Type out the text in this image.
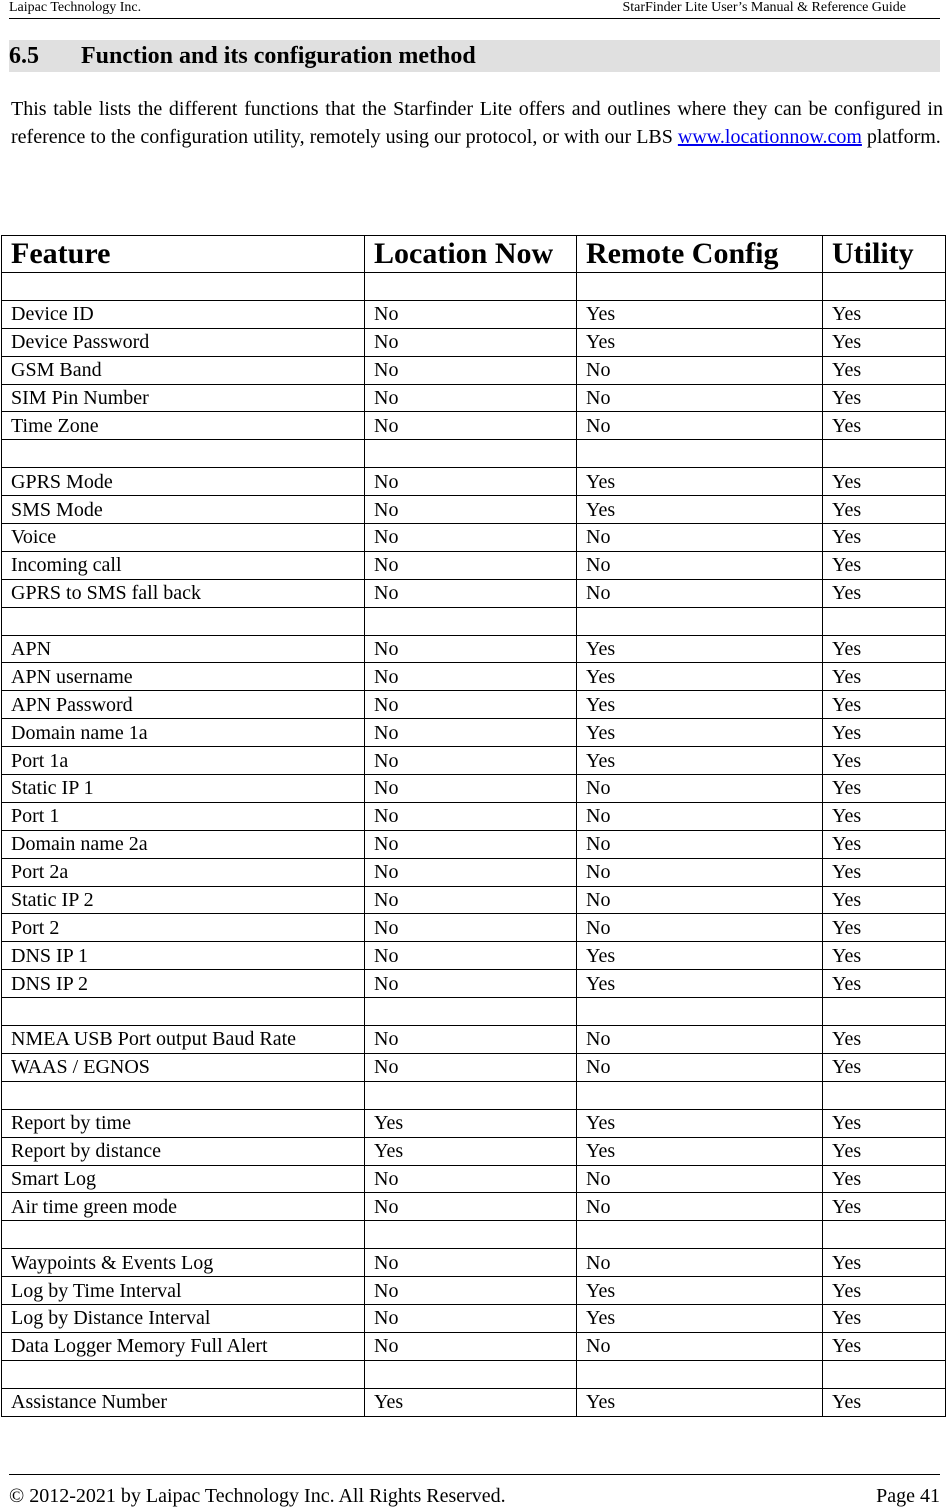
Laipac Technology Inc.	StarFinder Lite User’s Manual & Reference Guide
6.5 Function and its configuration method

This table lists the different functions that the Starfinder Lite offers and outlines where they can be configured in reference to the configuration utility, remotely using our protocol, or with our LBS www.locationnow.com platform.

Feature	Location Now	Remote Config	Utility

Device ID	No	Yes	Yes
Device Password	No	Yes	Yes
GSM Band	No	No	Yes
SIM Pin Number	No	No	Yes
Time Zone	No	No	Yes

GPRS Mode	No	Yes	Yes
SMS Mode	No	Yes	Yes
Voice	No	No	Yes
Incoming call	No	No	Yes
GPRS to SMS fall back	No	No	Yes

APN	No	Yes	Yes
APN username	No	Yes	Yes
APN Password	No	Yes	Yes
Domain name 1a	No	Yes	Yes
Port 1a	No	Yes	Yes
Static IP 1	No	No	Yes
Port 1	No	No	Yes
Domain name 2a	No	No	Yes
Port 2a	No	No	Yes
Static IP 2	No	No	Yes
Port 2	No	No	Yes
DNS IP 1	No	Yes	Yes
DNS IP 2	No	Yes	Yes

NMEA USB Port output Baud Rate	No	No	Yes
WAAS / EGNOS	No	No	Yes

Report by time	Yes	Yes	Yes
Report by distance	Yes	Yes	Yes
Smart Log	No	No	Yes
Air time green mode	No	No	Yes

Waypoints & Events Log	No	No	Yes
Log by Time Interval	No	Yes	Yes
Log by Distance Interval	No	Yes	Yes
Data Logger Memory Full Alert	No	No	Yes

Assistance Number	Yes	Yes	Yes
© 2012-2021 by Laipac Technology Inc. All Rights Reserved.	Page 41
